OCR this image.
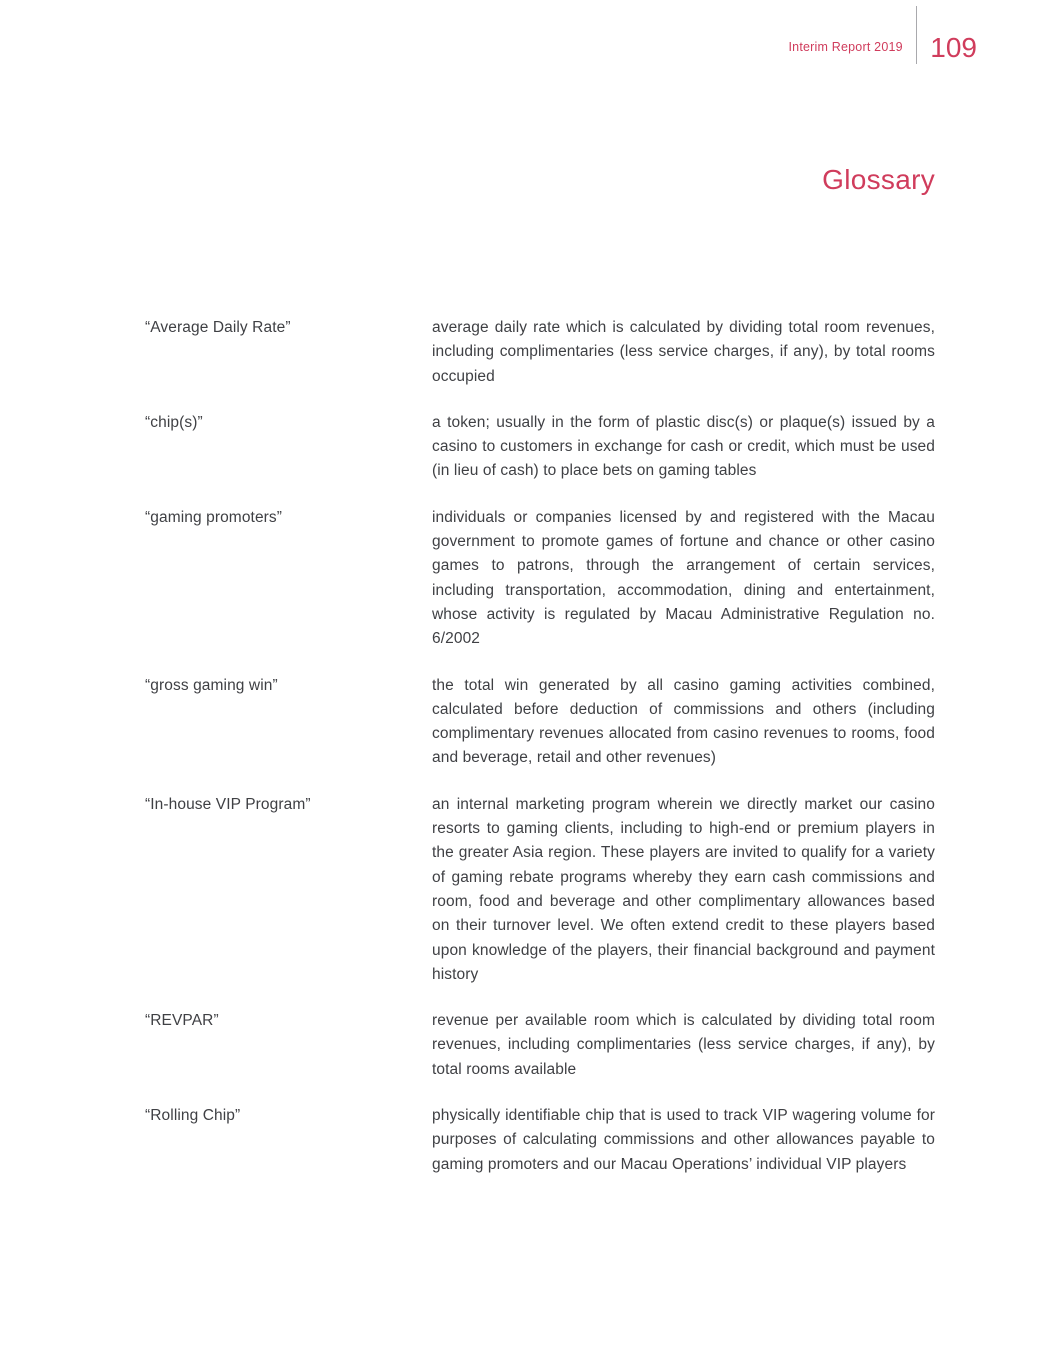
Interim Report 2019 109
Glossary
“Average Daily Rate”	average daily rate which is calculated by dividing total room revenues, including complimentaries (less service charges, if any), by total rooms occupied
“chip(s)”	a token; usually in the form of plastic disc(s) or plaque(s) issued by a casino to customers in exchange for cash or credit, which must be used (in lieu of cash) to place bets on gaming tables
“gaming promoters”	individuals or companies licensed by and registered with the Macau government to promote games of fortune and chance or other casino games to patrons, through the arrangement of certain services, including transportation, accommodation, dining and entertainment, whose activity is regulated by Macau Administrative Regulation no. 6/2002
“gross gaming win”	the total win generated by all casino gaming activities combined, calculated before deduction of commissions and others (including complimentary revenues allocated from casino revenues to rooms, food and beverage, retail and other revenues)
“In-house VIP Program”	an internal marketing program wherein we directly market our casino resorts to gaming clients, including to high-end or premium players in the greater Asia region. These players are invited to qualify for a variety of gaming rebate programs whereby they earn cash commissions and room, food and beverage and other complimentary allowances based on their turnover level. We often extend credit to these players based upon knowledge of the players, their financial background and payment history
“REVPAR”	revenue per available room which is calculated by dividing total room revenues, including complimentaries (less service charges, if any), by total rooms available
“Rolling Chip”	physically identifiable chip that is used to track VIP wagering volume for purposes of calculating commissions and other allowances payable to gaming promoters and our Macau Operations’ individual VIP players
